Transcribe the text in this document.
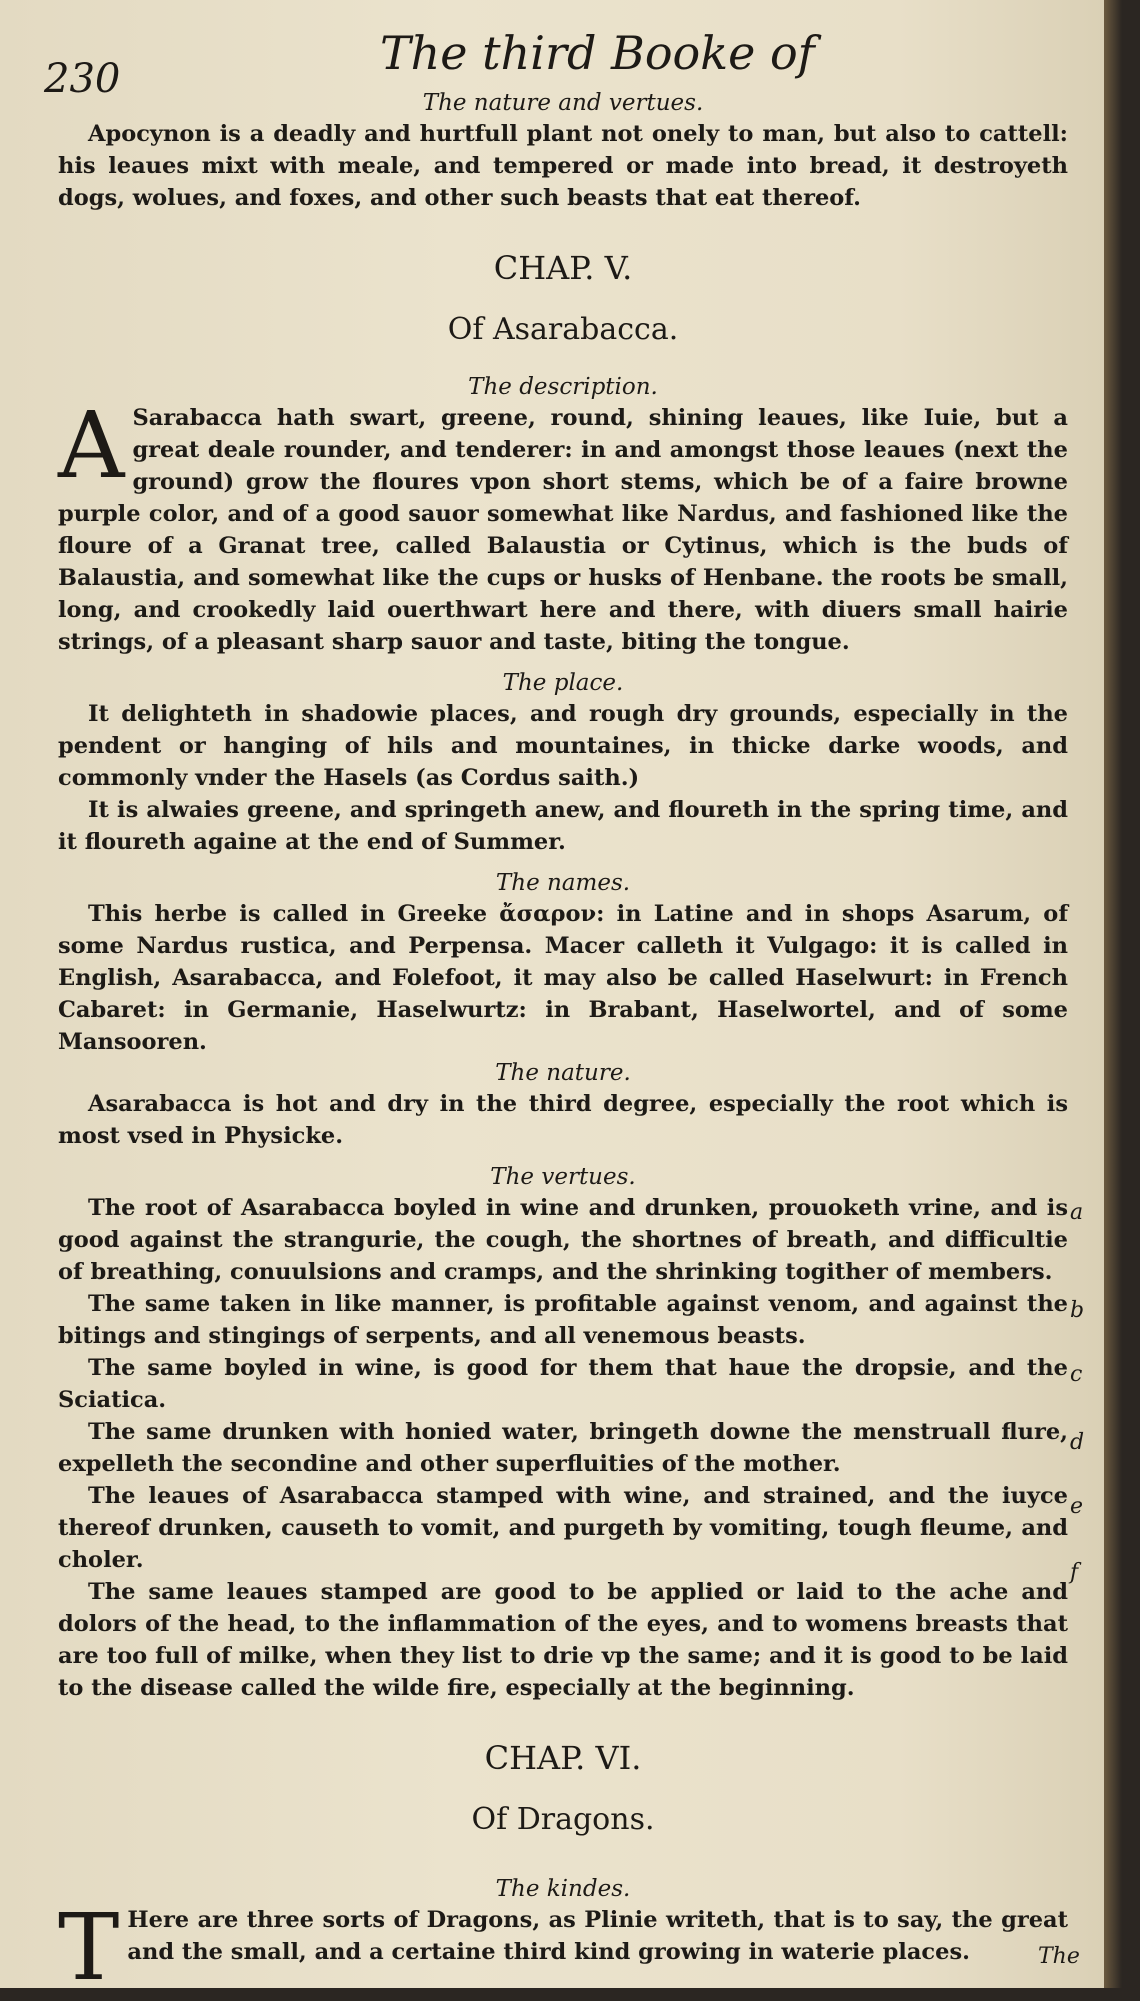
230	The third Booke of

The nature and vertues.

Apocynon is a deadly and hurtfull plant not onely to man, but also to cattell: his leaues mixt with meale, and tempered or made into bread, it destroyeth dogs, wolues, and foxes, and other such beasts that eat thereof.

CHAP. V.

Of Asarabacca.

The description.

A Sarabacca hath swart, greene, round, shining leaues, like Iuie, but a great deale rounder, and tenderer: in and amongst those leaues (next the ground) grow the floures vpon short stems, which be of a faire browne purple color, and of a good sauor somewhat like Nardus, and fashioned like the floure of a Granat tree, called Balaustia or Cytinus, which is the buds of Balaustia, and somewhat like the cups or husks of Henbane. the roots be small, long, and crookedly laid ouerthwart here and there, with diuers small hairie strings, of a pleasant sharp sauor and taste, biting the tongue.

The place.

It delighteth in shadowie places, and rough dry grounds, especially in the pendent or hanging of hils and mountaines, in thicke darke woods, and commonly vnder the Hasels (as Cordus saith.)

It is alwaies greene, and springeth anew, and floureth in the spring time, and it floureth againe at the end of Summer.

The names.

This herbe is called in Greeke ἄσαρον: in Latine and in shops Asarum, of some Nardus rustica, and Perpensa. Macer calleth it Vulgago: it is called in English, Asarabacca, and Folefoot, it may also be called Haselwurt: in French Cabaret: in Germanie, Haselwurtz: in Brabant, Haselwortel, and of some Mansooren.

The nature.

Asarabacca is hot and dry in the third degree, especially the root which is most vsed in Physicke.

The vertues.

The root of Asarabacca boyled in wine and drunken, prouoketh vrine, and is good against the strangurie, the cough, the shortnes of breath, and difficultie of breathing, conuulsions and cramps, and the shrinking togither of members.

The same taken in like manner, is profitable against venom, and against the bitings and stingings of serpents, and all venemous beasts.

The same boyled in wine, is good for them that haue the dropsie, and the Sciatica.

The same drunken with honied water, bringeth downe the menstruall flure, expelleth the secondine and other superfluities of the mother.

The leaues of Asarabacca stamped with wine, and strained, and the iuyce thereof drunken, causeth to vomit, and purgeth by vomiting, tough fleume, and choler.

The same leaues stamped are good to be applied or laid to the ache and dolors of the head, to the inflammation of the eyes, and to womens breasts that are too full of milke, when they list to drie vp the same; and it is good to be laid to the disease called the wilde fire, especially at the beginning.

CHAP. VI.

Of Dragons.

The kindes.

T Here are three sorts of Dragons, as Plinie writeth, that is to say, the great and the small, and a certaine third kind growing in waterie places.

a
b
c
d
e
f
The
